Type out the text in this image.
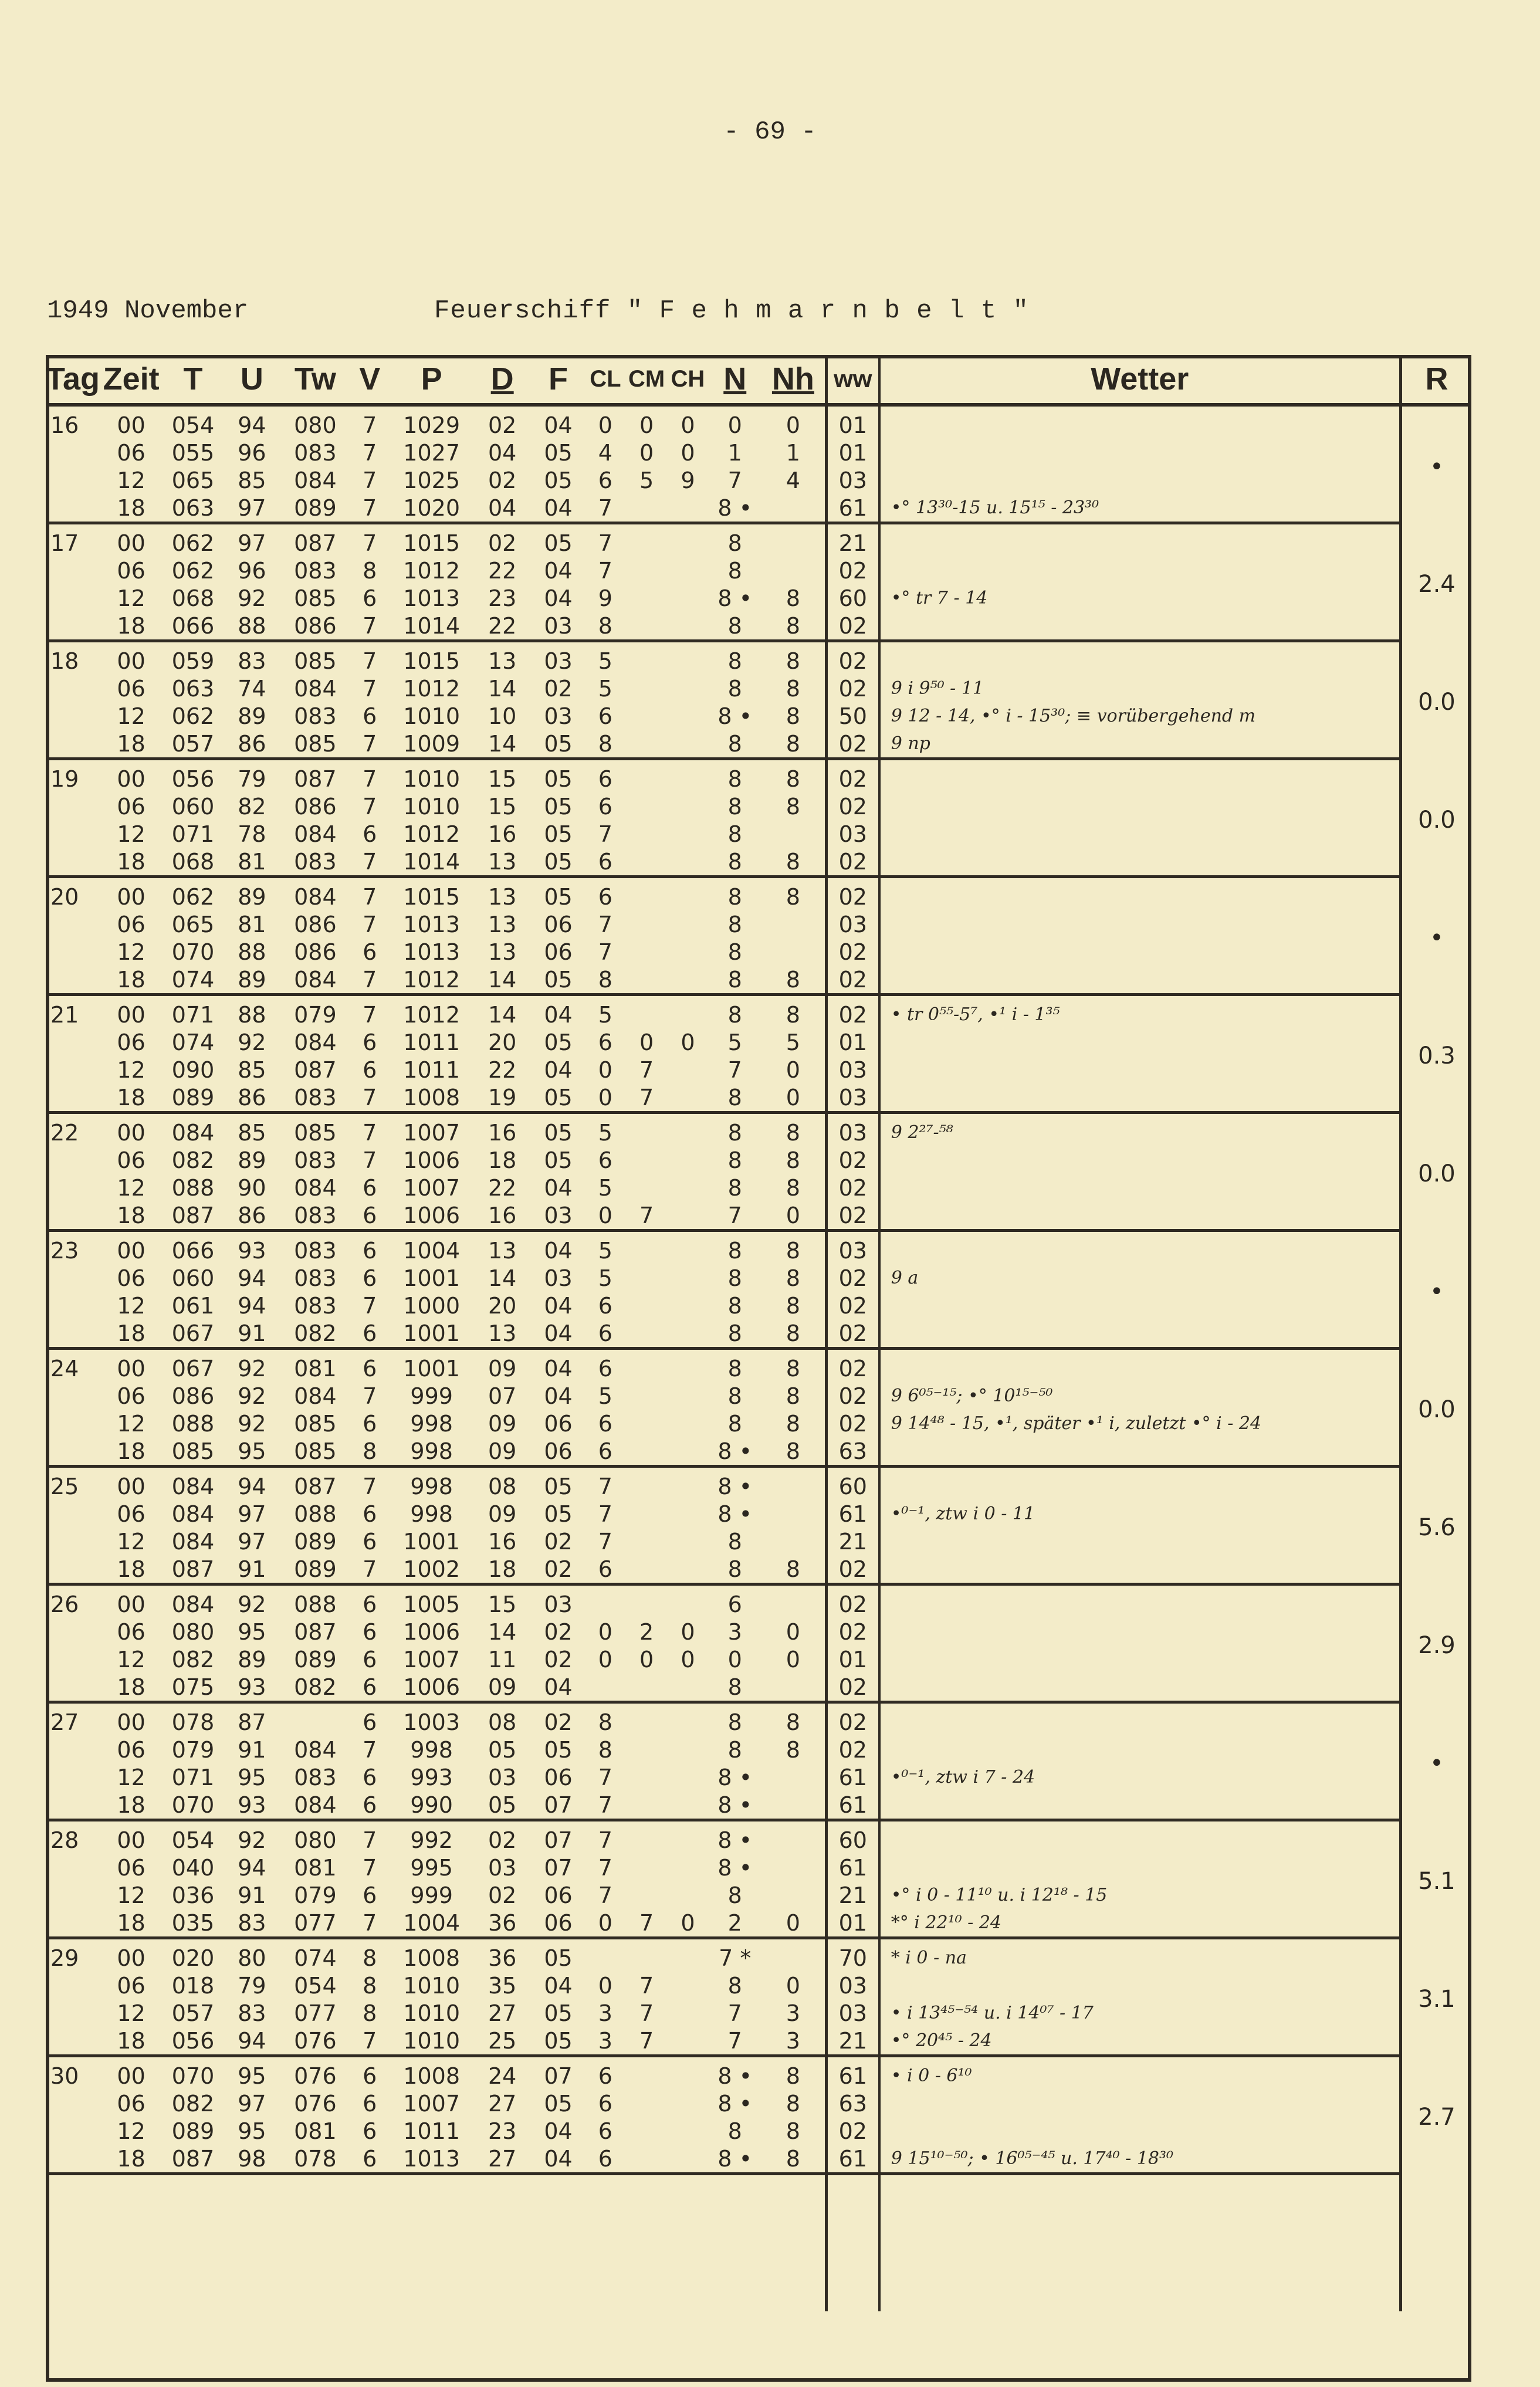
- 69 -
1949 November	Feuerschiff " F e h m a r n b e l t "
Tag	Zeit	T	U	Tw	V	P	D	F	CL	CM	CH	N	Nh	ww	Wetter	R
16	00	054	94	080	7	1029	02	04	0	0	0	0	0	01		•
	06	055	96	083	7	1027	04	05	4	0	0	1	1	01		
	12	065	85	084	7	1025	02	05	6	5	9	7	4	03		
	18	063	97	089	7	1020	04	04	7			8 •		61	•° 13³⁰-15 u. 15¹⁵ - 23³⁰	
17	00	062	97	087	7	1015	02	05	7			8		21		2.4
	06	062	96	083	8	1012	22	04	7			8		02		
	12	068	92	085	6	1013	23	04	9			8 •	8	60	•° tr 7 - 14	
	18	066	88	086	7	1014	22	03	8			8	8	02		
18	00	059	83	085	7	1015	13	03	5			8	8	02		0.0
	06	063	74	084	7	1012	14	02	5			8	8	02	9 i 9⁵⁰ - 11	
	12	062	89	083	6	1010	10	03	6			8 •	8	50	9 12 - 14, •° i - 15³⁰; ≡ vorübergehend m	
	18	057	86	085	7	1009	14	05	8			8	8	02	9 np	
19	00	056	79	087	7	1010	15	05	6			8	8	02		0.0
	06	060	82	086	7	1010	15	05	6			8	8	02		
	12	071	78	084	6	1012	16	05	7			8		03		
	18	068	81	083	7	1014	13	05	6			8	8	02		
20	00	062	89	084	7	1015	13	05	6			8	8	02		•
	06	065	81	086	7	1013	13	06	7			8		03		
	12	070	88	086	6	1013	13	06	7			8		02		
	18	074	89	084	7	1012	14	05	8			8	8	02		
21	00	071	88	079	7	1012	14	04	5			8	8	02	• tr 0⁵⁵-5⁷, •¹ i - 1³⁵	0.3
	06	074	92	084	6	1011	20	05	6	0	0	5	5	01		
	12	090	85	087	6	1011	22	04	0	7		7	0	03		
	18	089	86	083	7	1008	19	05	0	7		8	0	03		
22	00	084	85	085	7	1007	16	05	5			8	8	03	9 2²⁷-⁵⁸	0.0
	06	082	89	083	7	1006	18	05	6			8	8	02		
	12	088	90	084	6	1007	22	04	5			8	8	02		
	18	087	86	083	6	1006	16	03	0	7		7	0	02		
23	00	066	93	083	6	1004	13	04	5			8	8	03		•
	06	060	94	083	6	1001	14	03	5			8	8	02	9 a	
	12	061	94	083	7	1000	20	04	6			8	8	02		
	18	067	91	082	6	1001	13	04	6			8	8	02		
24	00	067	92	081	6	1001	09	04	6			8	8	02		0.0
	06	086	92	084	7	999	07	04	5			8	8	02	9 6⁰⁵⁻¹⁵; •° 10¹⁵⁻⁵⁰	
	12	088	92	085	6	998	09	06	6			8	8	02	9 14⁴⁸ - 15, •¹, später •¹ i, zuletzt •° i - 24	
	18	085	95	085	8	998	09	06	6			8 •	8	63		
25	00	084	94	087	7	998	08	05	7			8 •		60		5.6
	06	084	97	088	6	998	09	05	7			8 •		61	•⁰⁻¹, ztw i 0 - 11	
	12	084	97	089	6	1001	16	02	7			8		21		
	18	087	91	089	7	1002	18	02	6			8	8	02		
26	00	084	92	088	6	1005	15	03				6		02		2.9
	06	080	95	087	6	1006	14	02	0	2	0	3	0	02		
	12	082	89	089	6	1007	11	02	0	0	0	0	0	01		
	18	075	93	082	6	1006	09	04				8		02		
27	00	078	87		6	1003	08	02	8			8	8	02		•
	06	079	91	084	7	998	05	05	8			8	8	02		
	12	071	95	083	6	993	03	06	7			8 •		61	•⁰⁻¹, ztw i 7 - 24	
	18	070	93	084	6	990	05	07	7			8 •		61		
28	00	054	92	080	7	992	02	07	7			8 •		60		5.1
	06	040	94	081	7	995	03	07	7			8 •		61		
	12	036	91	079	6	999	02	06	7			8		21	•° i 0 - 11¹⁰ u. i 12¹⁸ - 15	
	18	035	83	077	7	1004	36	06	0	7	0	2	0	01	*° i 22¹⁰ - 24	
29	00	020	80	074	8	1008	36	05				7 *		70	* i 0 - na	3.1
	06	018	79	054	8	1010	35	04	0	7		8	0	03		
	12	057	83	077	8	1010	27	05	3	7		7	3	03	• i 13⁴⁵⁻⁵⁴ u. i 14⁰⁷ - 17	
	18	056	94	076	7	1010	25	05	3	7		7	3	21	•° 20⁴⁵ - 24	
30	00	070	95	076	6	1008	24	07	6			8 •	8	61	• i 0 - 6¹⁰	2.7
	06	082	97	076	6	1007	27	05	6			8 •	8	63		
	12	089	95	081	6	1011	23	04	6			8	8	02		
	18	087	98	078	6	1013	27	04	6			8 •	8	61	9 15¹⁰⁻⁵⁰; • 16⁰⁵⁻⁴⁵ u. 17⁴⁰ - 18³⁰	
